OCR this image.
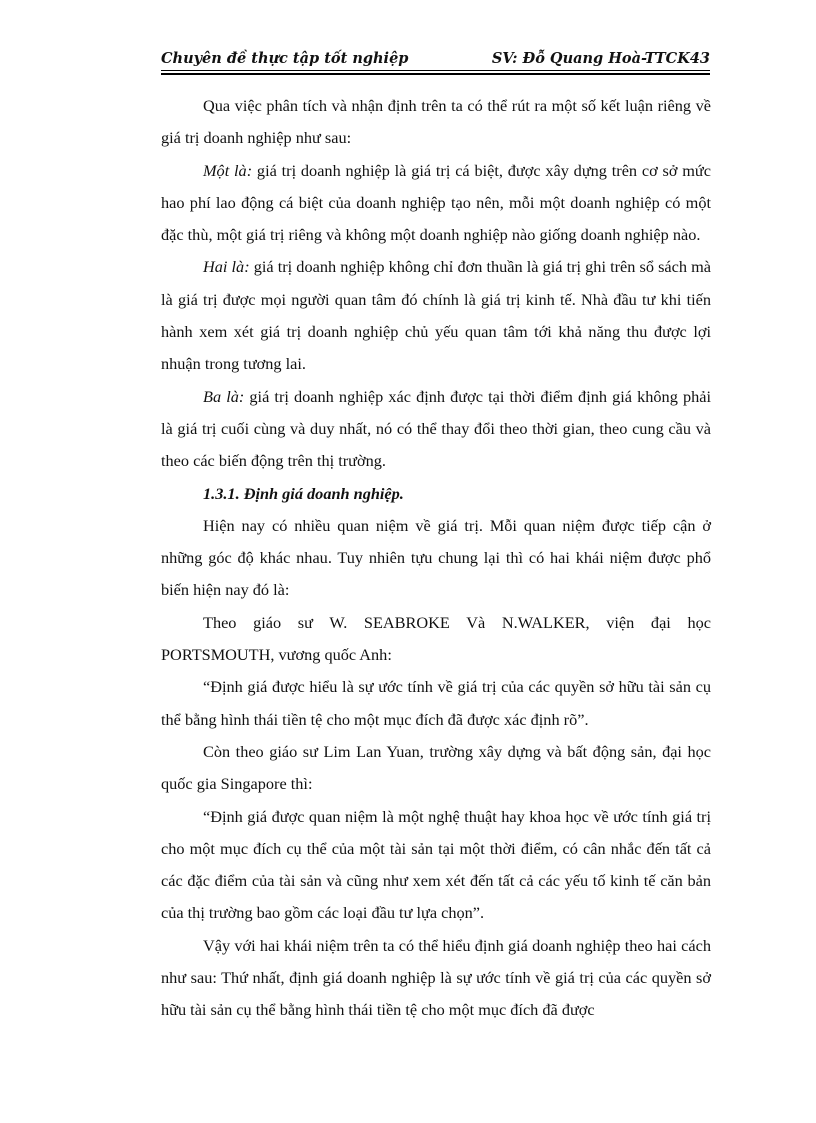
Chuyên đề thực tập tốt nghiệp	SV: Đỗ Quang Hoà-TTCK43

Qua việc phân tích và nhận định trên ta có thể rút ra một số kết luận riêng về giá trị doanh nghiệp như sau:

Một là: giá trị doanh nghiệp là giá trị cá biệt, được xây dựng trên cơ sở mức hao phí lao động cá biệt của doanh nghiệp tạo nên, mỗi một doanh nghiệp có một đặc thù, một giá trị riêng và không một doanh nghiệp nào giống doanh nghiệp nào.

Hai là: giá trị doanh nghiệp không chỉ đơn thuần là giá trị ghi trên sổ sách mà là giá trị được mọi người quan tâm đó chính là giá trị kinh tế. Nhà đầu tư khi tiến hành xem xét giá trị doanh nghiệp chủ yếu quan tâm tới khả năng thu được lợi nhuận trong tương lai.

Ba là: giá trị doanh nghiệp xác định được tại thời điểm định giá không phải là giá trị cuối cùng và duy nhất, nó có thể thay đổi theo thời gian, theo cung cầu và theo các biến động trên thị trường.

1.3.1. Định giá doanh nghiệp.

Hiện nay có nhiều quan niệm về giá trị. Mỗi quan niệm được tiếp cận ở những góc độ khác nhau. Tuy nhiên tựu chung lại thì có hai khái niệm được phổ biến hiện nay đó là:

Theo giáo sư W. SEABROKE Và N.WALKER, viện đại học PORTSMOUTH, vương quốc Anh:

“Định giá được hiểu là sự ước tính về giá trị của các quyền sở hữu tài sản cụ thể bằng hình thái tiền tệ cho một mục đích đã được xác định rõ”.

Còn theo giáo sư Lim Lan Yuan, trường xây dựng và bất động sản, đại học quốc gia Singapore thì:

“Định giá được quan niệm là một nghệ thuật hay khoa học về ước tính giá trị cho một mục đích cụ thể của một tài sản tại một thời điểm, có cân nhắc đến tất cả các đặc điểm của tài sản và cũng như xem xét đến tất cả các yếu tố kinh tế căn bản của thị trường bao gồm các loại đầu tư lựa chọn”.

Vậy với hai khái niệm trên ta có thể hiểu định giá doanh nghiệp theo hai cách như sau: Thứ nhất, định giá doanh nghiệp là sự ước tính về giá trị của các quyền sở hữu tài sản cụ thể bằng hình thái tiền tệ cho một mục đích đã được
